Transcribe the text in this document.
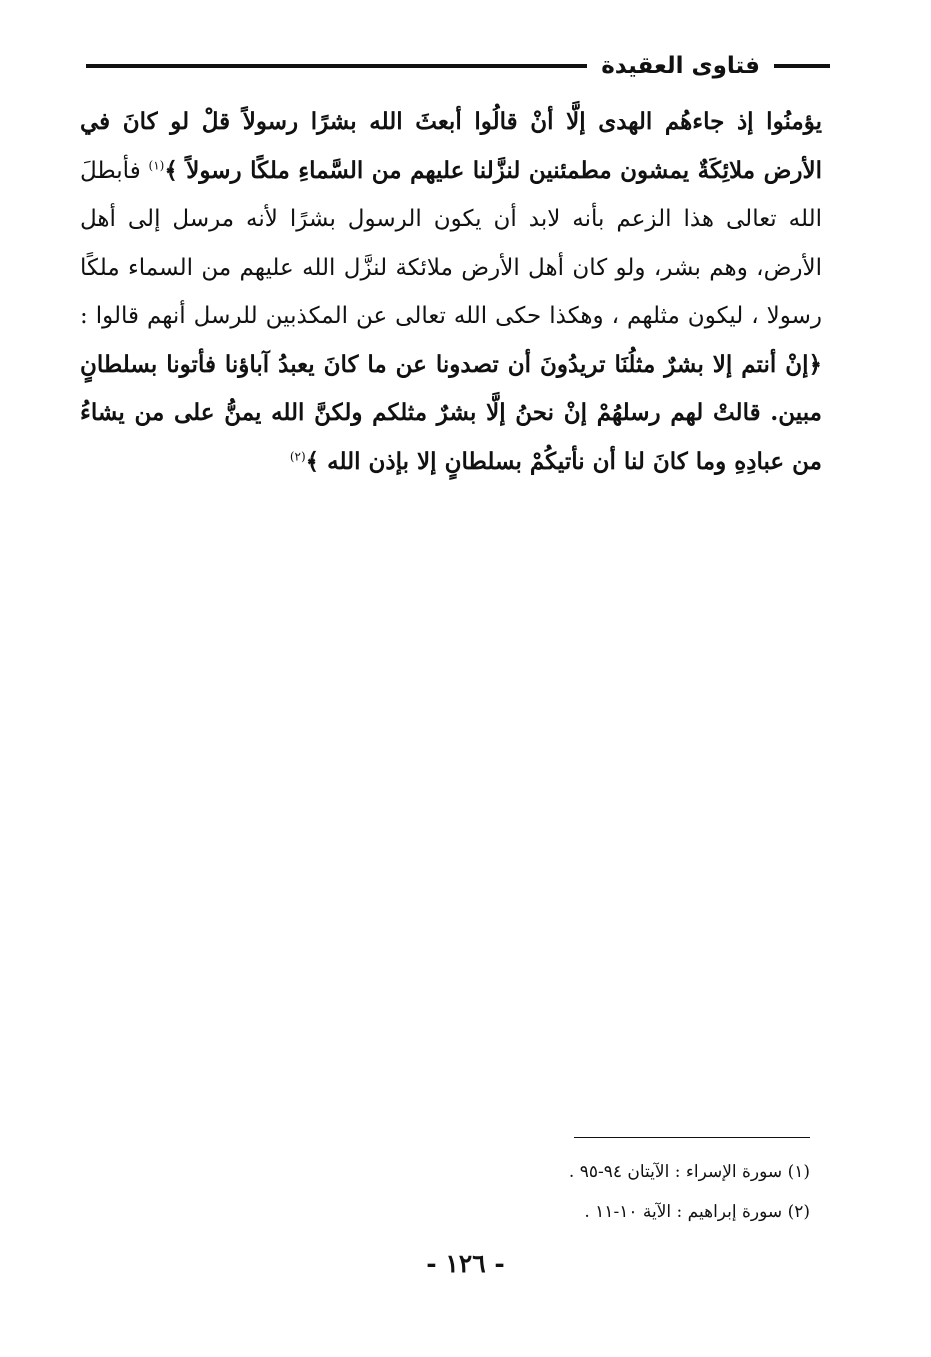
فتاوى العقيدة
يؤمنُوا إذ جاءهُم الهدى إلَّا أنْ قالُوا أبعثَ الله بشرًا رسولاً قلْ لو كانَ في الأرض ملائِكَةٌ يمشون مطمئنين لنزَّلنا عليهم من السَّماءِ ملكًا رسولاً ﴾$^{(١)}$ فأبطلَ الله تعالى هذا الزعم بأنه لابد أن يكون الرسول بشرًا لأنه مرسل إلى أهل الأرض، وهم بشر، ولو كان أهل الأرض ملائكة لنزَّل الله عليهم من السماء ملكًا رسولا ، ليكون مثلهم ، وهكذا حكى الله تعالى عن المكذبين للرسل أنهم قالوا : ﴿إنْ أنتم إلا بشرٌ مثلُنَا تريدُونَ أن تصدونا عن ما كانَ يعبدُ آباؤنا فأتونا بسلطانٍ مبين. قالتْ لهم رسلهُمْ إنْ نحنُ إلَّا بشرٌ مثلكم ولكنَّ الله يمنُّ على من يشاءُ من عبادِهِ وما كانَ لنا أن نأتيكُمْ بسلطانٍ إلا بإذن الله ﴾$^{(٢)}$
(١) سورة الإسراء : الآيتان ٩٤-٩٥ .
(٢) سورة إبراهيم : الآية ١٠-١١ .
- ١٢٦ -
